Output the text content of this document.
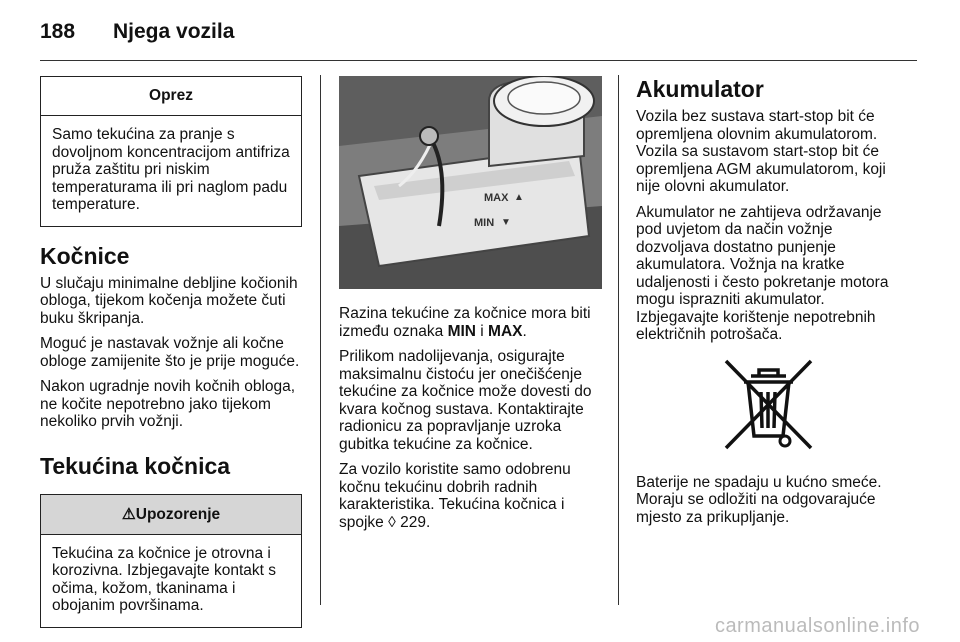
188 Njega vozila
Oprez
Samo tekućina za pranje s dovoljnom koncentracijom antifriza pruža zaštitu pri niskim temperaturama ili pri naglom padu temperature.
Kočnice

U slučaju minimalne debljine kočionih obloga, tijekom kočenja možete čuti buku škripanja.

Moguć je nastavak vožnje ali kočne obloge zamijenite što je prije moguće.

Nakon ugradnje novih kočnih obloga, ne kočite nepotrebno jako tijekom nekoliko prvih vožnji.

Tekućina kočnica
⚠Upozorenje
Tekućina za kočnice je otrovna i korozivna. Izbjegavajte kontakt s očima, kožom, tkaninama i obojanim površinama.
MAX ▲
MIN ▼

Razina tekućine za kočnice mora biti između oznaka MIN i MAX.

Prilikom nadolijevanja, osigurajte maksimalnu čistoću jer onečišćenje tekućine za kočnice može dovesti do kvara kočnog sustava. Kontaktirajte radionicu za popravljanje uzroka gubitka tekućine za kočnice.

Za vozilo koristite samo odobrenu kočnu tekućinu dobrih radnih karakteristika. Tekućina kočnica i spojke ◊ 229.

Akumulator

Vozila bez sustava start-stop bit će opremljena olovnim akumulatorom. Vozila sa sustavom start-stop bit će opremljena AGM akumulatorom, koji nije olovni akumulator.

Akumulator ne zahtijeva održavanje pod uvjetom da način vožnje dozvoljava dostatno punjenje akumulatora. Vožnja na kratke udaljenosti i često pokretanje motora mogu isprazniti akumulator. Izbjegavajte korištenje nepotrebnih električnih potrošača.

Baterije ne spadaju u kućno smeće. Moraju se odložiti na odgovarajuće mjesto za prikupljanje.

carmanualsonline.info
